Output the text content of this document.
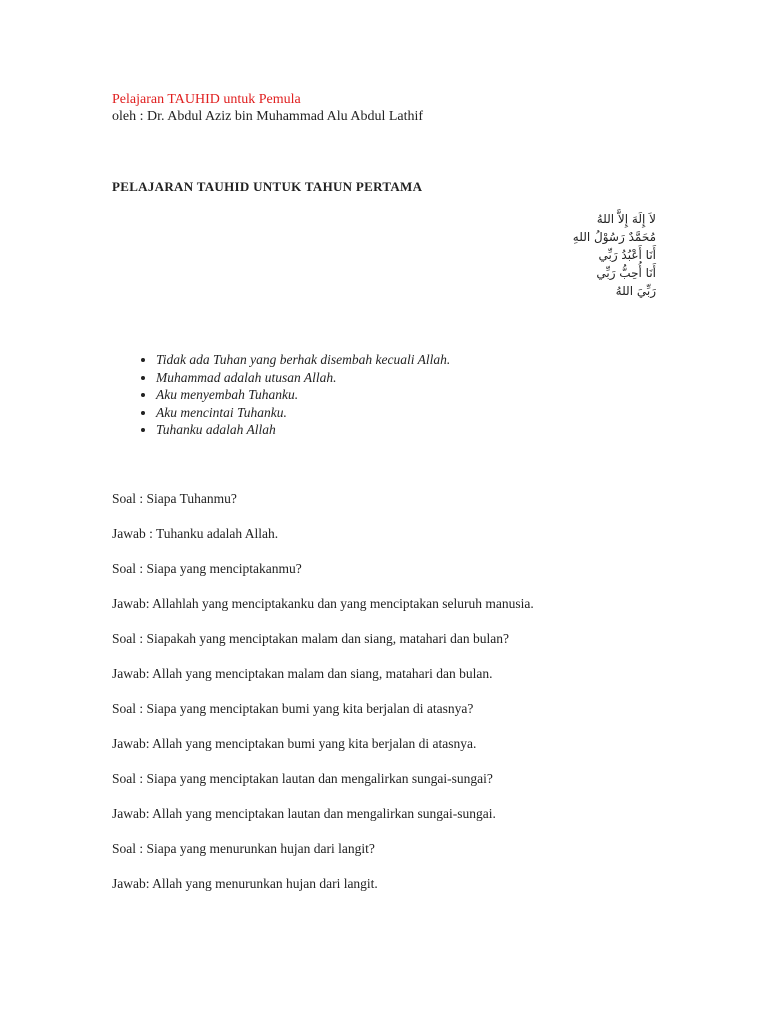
Pelajaran TAUHID untuk Pemula

oleh : Dr. Abdul Aziz bin Muhammad Alu Abdul Lathif

PELAJARAN TAUHID UNTUK TAHUN PERTAMA

لاَ إِلَهَ إِلاَّ اللهُ
مُحَمَّدٌ رَسُوْلُ اللهِ
أَنَا أَعْبُدُ رَبِّي
أَنَا أُحِبُّ رَبِّي
رَبِّيَ اللهُ
• Tidak ada Tuhan yang berhak disembah kecuali Allah.
• Muhammad adalah utusan Allah.
• Aku menyembah Tuhanku.
• Aku mencintai Tuhanku.
• Tuhanku adalah Allah
Soal : Siapa Tuhanmu?
Jawab : Tuhanku adalah Allah.
Soal : Siapa yang menciptakanmu?
Jawab: Allahlah yang menciptakanku dan yang menciptakan seluruh manusia.
Soal : Siapakah yang menciptakan malam dan siang, matahari dan bulan?
Jawab: Allah yang menciptakan malam dan siang, matahari dan bulan.
Soal : Siapa yang menciptakan bumi yang kita berjalan di atasnya?
Jawab: Allah yang menciptakan bumi yang kita berjalan di atasnya.
Soal : Siapa yang menciptakan lautan dan mengalirkan sungai-sungai?
Jawab: Allah yang menciptakan lautan dan mengalirkan sungai-sungai.
Soal : Siapa yang menurunkan hujan dari langit?
Jawab: Allah yang menurunkan hujan dari langit.
